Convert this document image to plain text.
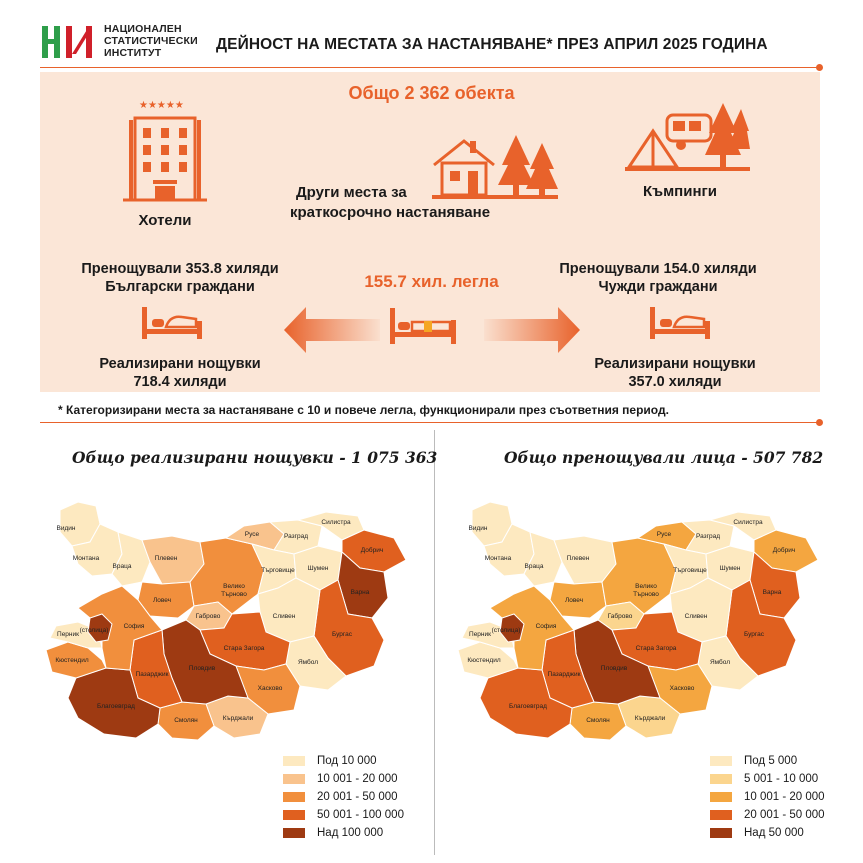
НАЦИОНАЛЕН
СТАТИСТИЧЕСКИ
ИНСТИТУТ	ДЕЙНОСТ НА МЕСТАТА ЗА НАСТАНЯВАНЕ* ПРЕЗ АПРИЛ 2025 ГОДИНА
Общо 2 362 обекта
★★★★★
Хотели
Други места за
краткосрочно настаняване
Къмпинги
Пренощували 353.8 хиляди
Български граждани	155.7 хил. легла
Пренощували 154.0 хиляди
Чужди граждани
Реализирани нощувки
718.4 хиляди
Реализирани нощувки
357.0 хиляди
* Категоризирани места за настаняване с 10 и повече легла, функционирали през съответния период.
Общо реализирани нощувки - 1 075 363	Общо пренощували лица - 507 782
Видин
Монтана
Враца
Плевен
Ловеч
Велико
Търново
Габрово
Русе	Разград
Силистра
Търговище Шумен
Добрич
Варна
Бургас
Сливен
Ямбол
Стара Загора
Хасково
Кърджали
Смолян
Пловдив
Пазарджик
Благоевград
Кюстендил
Перник
София
(столица)
Видин
Монтана
Враца
Плевен
Ловеч
Велико
Търново
Габрово
Русе	Разград
Силистра
Търговище Шумен
Добрич
Варна
Бургас
Сливен
Ямбол
Стара Загора
Хасково
Кърджали
Смолян
Пловдив
Пазарджик
Благоевград
Кюстендил
Перник
София
(столица)
Под 10 000
10 001 - 20 000
20 001 - 50 000
50 001 - 100 000
Над 100 000
Под 5 000
5 001 - 10 000
10 001 - 20 000
20 001 - 50 000
Над 50 000
